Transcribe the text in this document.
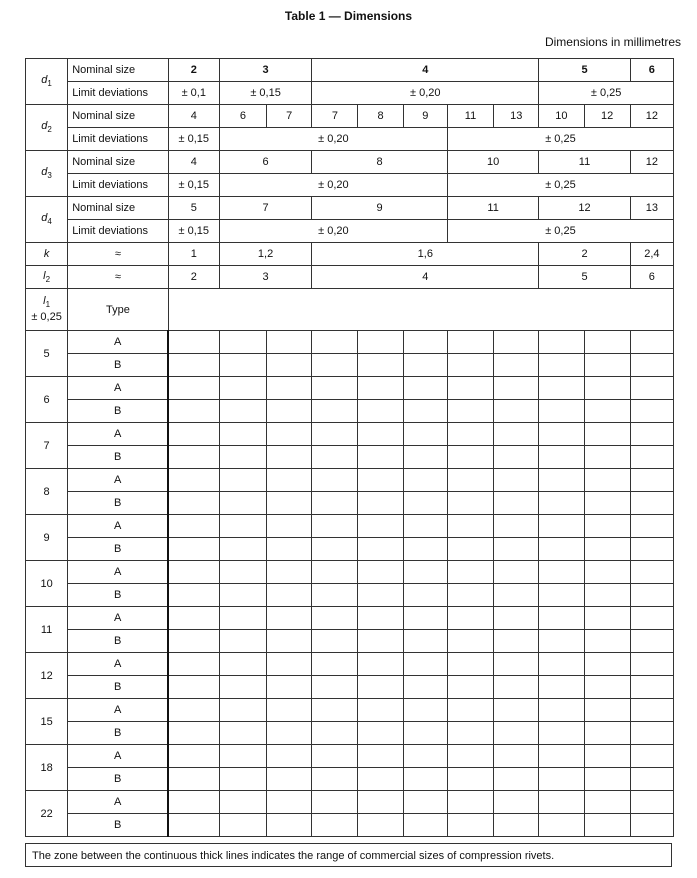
Table 1 — Dimensions
Dimensions in millimetres
$d_1$	Nominal size	2	3		4					5		6
	Limit deviations	± 0,1	± 0,15		± 0,20					± 0,25		
$d_2$	Nominal size	4	6	7	7	8	9	11	13	10	12	12
	Limit deviations	± 0,15	± 0,20					± 0,25				
$d_3$	Nominal size	4	6		8			10		11		12
	Limit deviations	± 0,15	± 0,20					± 0,25				
$d_4$	Nominal size	5	7		9			11		12		13
	Limit deviations	± 0,15	± 0,20					± 0,25				
k	≈	1	1,2		1,6					2		2,4
$l_2$	≈	2	3		4					5		6
$l_1$
± 0,25	Type											
5	A											
	B											
6	A											
	B											
7	A											
	B											
8	A											
	B											
9	A											
	B											
10	A											
	B											
11	A											
	B											
12	A											
	B											
15	A											
	B											
18	A											
	B											
22	A											
	B											
The zone between the continuous thick lines indicates the range of commercial sizes of compression rivets.
